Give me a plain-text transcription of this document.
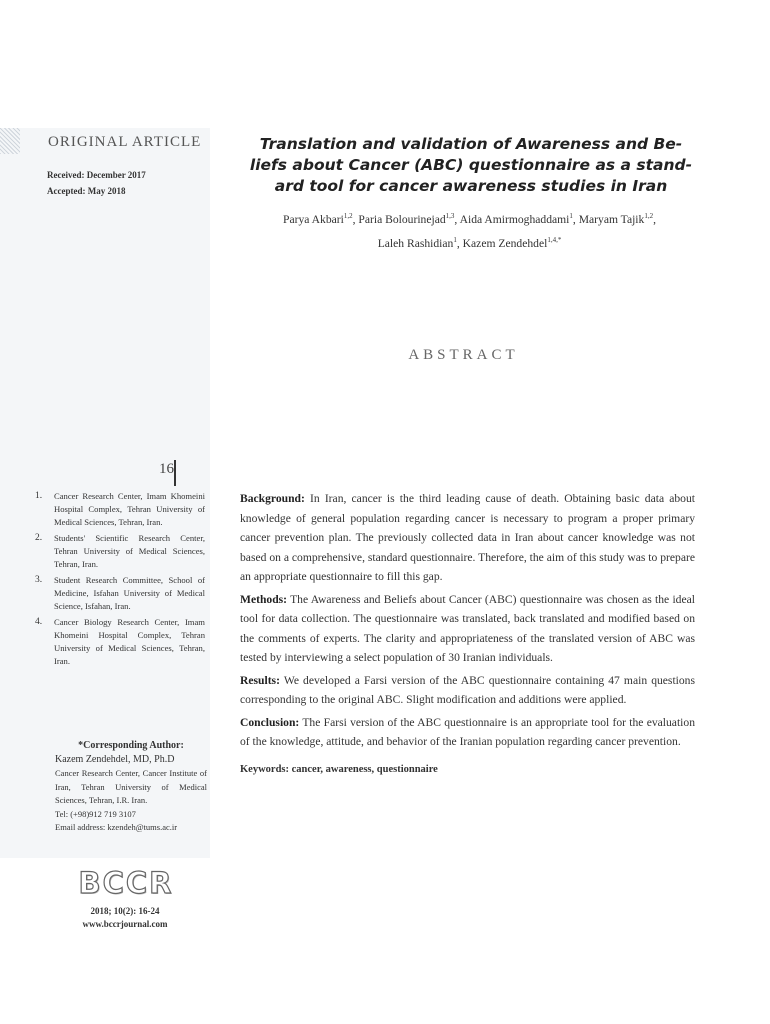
ORIGINAL ARTICLE
Received: December 2017
Accepted: May 2018
Translation and validation of Awareness and Be-
liefs about Cancer (ABC) questionnaire as a stand-
ard tool for cancer awareness studies in Iran
Parya Akbari$^{1,2}$, Paria Bolourinejad$^{1,3}$, Aida Amirmoghaddami$^1$, Maryam Tajik$^{1,2}$,
Laleh Rashidian$^1$, Kazem Zendehdel$^{1,4,*}$
ABSTRACT
16
1. Cancer Research Center, Imam Khomeini Hospital Complex, Tehran University of Medical Sciences, Tehran, Iran.
2. Students' Scientific Research Center, Tehran University of Medical Sciences, Tehran, Iran.
3. Student Research Committee, School of Medicine, Isfahan University of Medical Science, Isfahan, Iran.
4. Cancer Biology Research Center, Imam Khomeini Hospital Complex, Tehran University of Medical Sciences, Tehran, Iran.
*Corresponding Author:
Kazem Zendehdel, MD, Ph.D
Cancer Research Center, Cancer Institute of Iran, Tehran University of Medical Sciences, Tehran, I.R. Iran.
Tel: (+98)912 719 3107
Email address: kzendeh@tums.ac.ir
BCCR
2018; 10(2): 16-24
www.bccrjournal.com

Background: In Iran, cancer is the third leading cause of death. Obtaining basic data about knowledge of general population regarding cancer is necessary to program a proper primary cancer prevention plan. The previously collected data in Iran about cancer knowledge was not based on a comprehensive, standard questionnaire. Therefore, the aim of this study was to prepare an appropriate questionnaire to fill this gap.

Methods: The Awareness and Beliefs about Cancer (ABC) questionnaire was chosen as the ideal tool for data collection. The questionnaire was translated, back translated and modified based on the comments of experts. The clarity and appropriateness of the translated version of ABC was tested by interviewing a select population of 30 Iranian individuals.

Results: We developed a Farsi version of the ABC questionnaire containing 47 main questions corresponding to the original ABC. Slight modification and additions were applied.

Conclusion: The Farsi version of the ABC questionnaire is an appropriate tool for the evaluation of the knowledge, attitude, and behavior of the Iranian population regarding cancer prevention.

Keywords: cancer, awareness, questionnaire
